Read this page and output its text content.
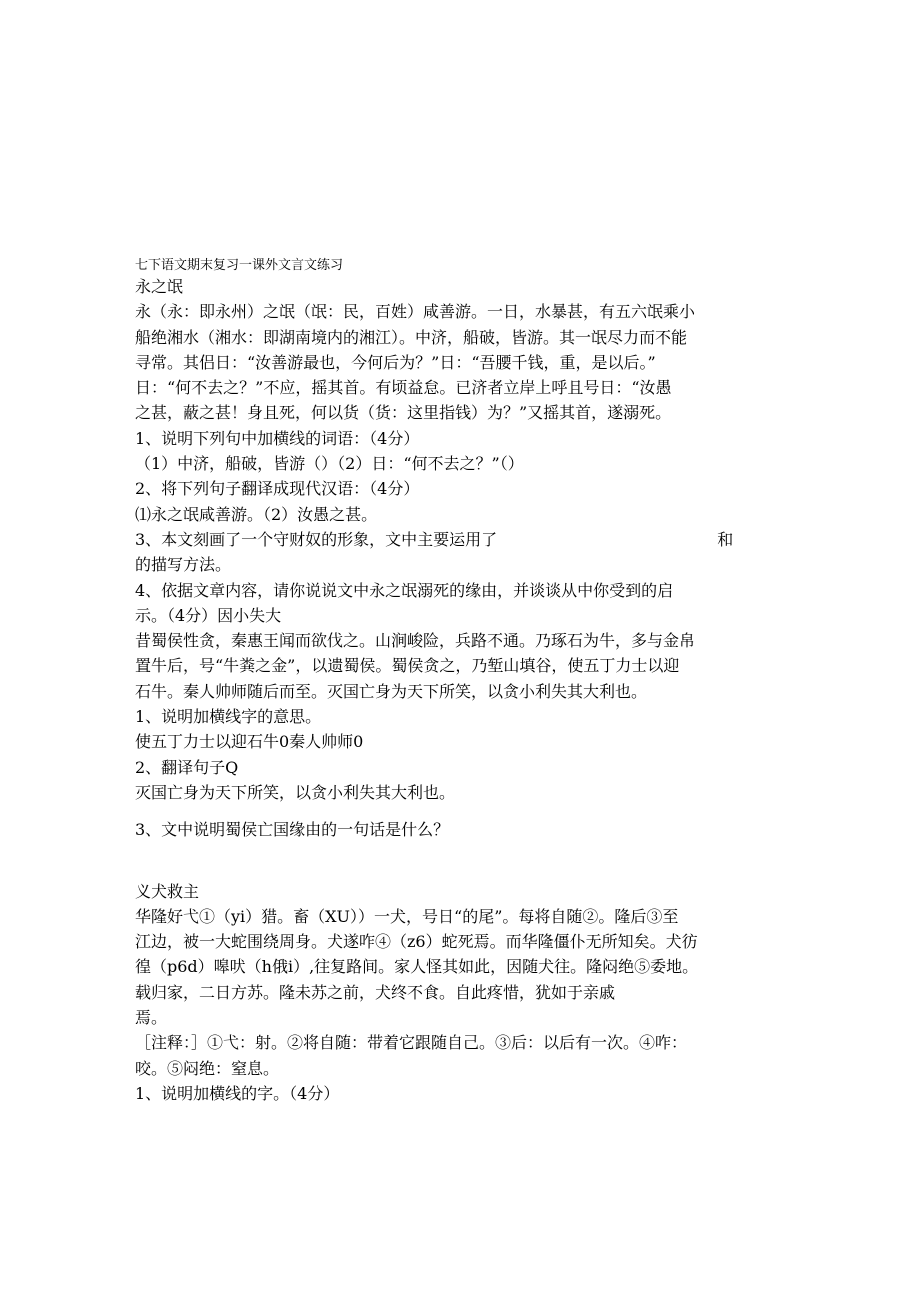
七下语文期末复习一课外文言文练习
永之氓
永（永：即永州）之氓（氓：民，百姓）咸善游。一日，水暴甚，有五六氓乘小
船绝湘水（湘水：即湖南境内的湘江）。中济，船破，皆游。其一氓尽力而不能
寻常。其侣日：“汝善游最也，今何后为？”日：“吾腰千钱，重，是以后。”
日：“何不去之？”不应，摇其首。有顷益怠。已济者立岸上呼且号日：“汝愚
之甚，蔽之甚！身且死，何以货（货：这里指钱）为？”又摇其首，遂溺死。
1、说明下列句中加横线的词语：（4分）
（1）中济，船破，皆游（）（2）日：“何不去之？”（）
2、将下列句子翻译成现代汉语：（4分）
⑴永之氓咸善游。（2）汝愚之甚。
3、本文刻画了一个守财奴的形象，文中主要运用了	和
的描写方法。
4、依据文章内容，请你说说文中永之氓溺死的缘由，并谈谈从中你受到的启
示。（4分）因小失大
昔蜀侯性贪，秦惠王闻而欲伐之。山涧峻险，兵路不通。乃琢石为牛，多与金帛
置牛后，号“牛粪之金”，以遗蜀侯。蜀侯贪之，乃堑山填谷，使五丁力士以迎
石牛。秦人帅师随后而至。灭国亡身为天下所笑，以贪小利失其大利也。
1、说明加横线字的意思。
使五丁力士以迎石牛0秦人帅师0
2、翻译句子Q
灭国亡身为天下所笑，以贪小利失其大利也。
3、文中说明蜀侯亡国缘由的一句话是什么？
义犬救主
华隆好弋①（yi）猎。畜（XU））一犬，号日“的尾”。每将自随②。隆后③至
江边，被一大蛇围绕周身。犬遂咋④（z6）蛇死焉。而华隆僵仆无所知矣。犬彷
徨（p6d）嗥吠（h俄i）,往复路间。家人怪其如此，因随犬往。隆闷绝⑤委地。
载归家，二日方苏。隆未苏之前，犬终不食。自此疼惜，犹如于亲戚
焉。
［注释：］①弋：射。②将自随：带着它跟随自己。③后：以后有一次。④咋：
咬。⑤闷绝：窒息。
1、说明加横线的字。（4分）
